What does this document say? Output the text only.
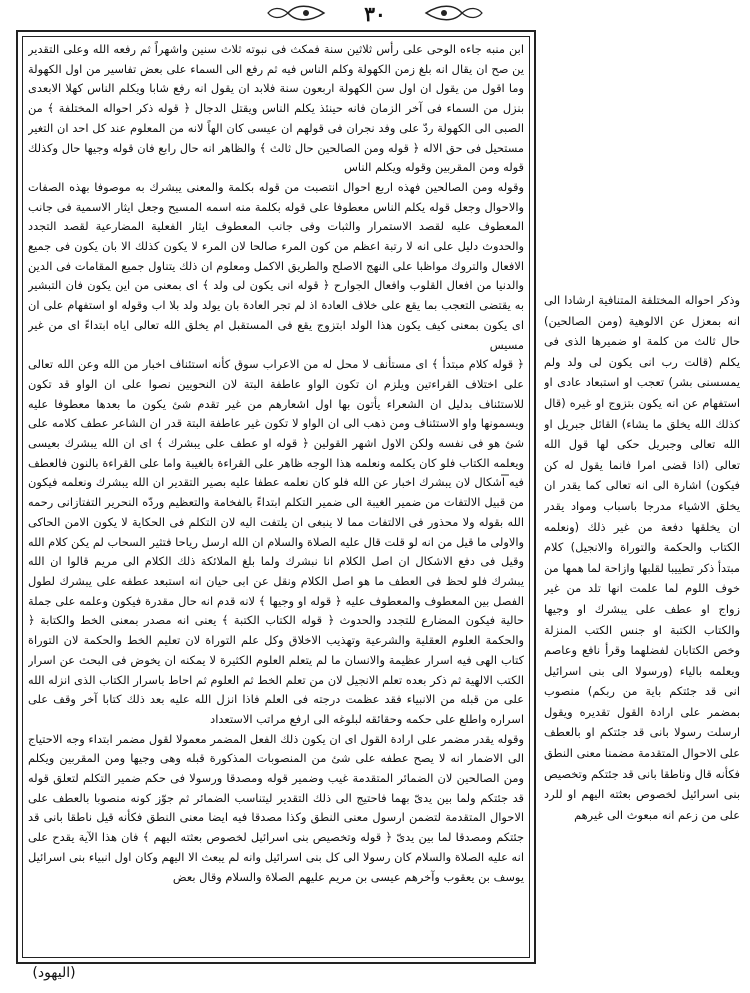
٣٠

ابن منبه جاءه الوحى على رأس ثلاثين سنة فمكث فى نبوته ثلاث سنين واشهراً ثم رفعه الله وعلى التقدير ين صح ان يقال انه بلغ زمن الكهولة وكلم الناس فيه ثم رفع الى السماء على بعض تفاسير من اول الكهولة وما اقول من يقول ان اول سن الكهولة اربعون سنة فلابد ان يقول انه رفع شابا ويكلم الناس كهلا الابعدى بنزل من السماء فى آخر الزمان فانه حينئذ يكلم الناس ويقتل الدجال ﴿ قوله ذكر احواله المختلفة ﴾ من الصبى الى الكهولة ردّ على وفد نجران فى قولهم ان عيسى كان الهاً لانه من المعلوم عند كل احد ان التغير مستحيل فى حق الاله ﴿ قوله ومن الصالحين حال ثالث ﴾ والظاهر انه حال رابع فان قوله وجيها حال وكذلك قوله ومن المقربين وقوله ويكلم الناس

وقوله ومن الصالحين فهذه اربع احوال انتصبت من قوله بكلمة والمعنى يبشرك به موصوفا بهذه الصفات والاحوال وجعل قوله يكلم الناس معطوفا على قوله بكلمة منه اسمه المسيح وجعل ايثار الاسمية فى جانب المعطوف عليه لقصد الاستمرار والثبات وفى جانب المعطوف ايثار الفعلية المضارعية لقصد التجدد والحدوث دليل على انه لا رتبة اعظم من كون المرء صالحا لان المرء لا يكون كذلك الا بان يكون فى جميع الافعال والتروك مواظبا على النهج الاصلح والطريق الاكمل ومعلوم ان ذلك يتناول جميع المقامات فى الدين والدنيا من افعال القلوب وافعال الجوارح ﴿ قوله انى يكون لى ولد ﴾ اى بمعنى من اين يكون فان التبشير به يقتضى التعجب بما يقع على خلاف العادة اذ لم تجر العادة بان يولد ولد بلا اب وقوله او استفهام على ان اى يكون بمعنى كيف يكون هذا الولد ابتزوج يقع فى المستقبل ام يخلق الله تعالى اياه ابتداءً اى من غير مسيس

﴿ قوله كلام مبتدأ ﴾ اى مستأنف لا محل له من الاعراب سوق كأنه استئناف اخبار من الله وعن الله تعالى على اختلاف القراءتين ويلزم ان تكون الواو عاطفة البتة لان النحويين نصوا على ان الواو قد تكون للاستئناف بدليل ان الشعراء يأتون بها اول اشعارهم من غير تقدم شئ يكون ما بعدها معطوفا عليه ويسمونها واو الاستئناف ومن ذهب الى ان الواو لا تكون غير عاطفة البتة قدر ان الشاعر عطف كلامه على شئ هو فى نفسه ولكن الاول اشهر القولين ﴿ قوله او عطف على يبشرك ﴾ اى ان الله يبشرك بعيسى ويعلمه الكتاب فلو كان يكلمه ونعلمه هذا الوجه ظاهر على القراءة بالغيبة واما على القراءة بالنون فالعطف فيه اشكال لان يبشرك اخبار عن الله فلو كان نعلمه عطفا عليه بصير التقدير ان الله يبشرك ونعلمه فيكون من قبيل الالتفات من ضمير الغيبة الى ضمير التكلم ابتداءً بالفخامة والتعظيم وردّه النحرير التفتازانى رحمه الله بقوله ولا محذور فى الالتفات مما لا ينبغى ان يلتفت اليه لان التكلم فى الحكاية لا يكون الامن الحاكى والاولى ما قيل من انه لو قلت قال عليه الصلاة والسلام ان الله ارسل رياحا فتثير السحاب لم يكن كلام الله وقيل فى دفع الاشكال ان اصل الكلام انا نبشرك ولما بلغ الملائكة ذلك الكلام الى مريم قالوا ان الله يبشرك فلو لحظ فى العطف ما هو اصل الكلام ونقل عن ابى حيان انه استبعد عطفه على يبشرك لطول الفصل بين المعطوف والمعطوف عليه ﴿ قوله او وجيها ﴾ لانه قدم انه حال مقدرة فيكون وعلمه على جملة حالية فيكون المضارع للتجدد والحدوث ﴿ قوله الكتاب الكتبة ﴾ يعنى انه مصدر بمعنى الخط والكتابة ﴿ والحكمة العلوم العقلية والشرعية وتهذيب الاخلاق وكل علم التوراة لان تعليم الخط والحكمة لان التوراة كتاب الهى فيه اسرار عظيمة والانسان ما لم يتعلم العلوم الكثيرة لا يمكنه ان يخوض فى البحث عن اسرار الكتب الالهية ثم ذكر بعده تعلم الانجيل لان من تعلم الخط ثم العلوم ثم احاط باسرار الكتاب الذى انزله الله على من قبله من الانبياء فقد عظمت درجته فى العلم فاذا انزل الله عليه بعد ذلك كتابا آخر وقف على اسراره واطلع على حكمه وحقائقه لبلوغه الى ارفع مراتب الاستعداد

وقوله يقدر مضمر على ارادة القول اى ان يكون ذلك الفعل المضمر معمولا لقول مضمر ابتداء وجه الاحتياج الى الاضمار انه لا يصح عطفه على شئ من المنصوبات المذكورة قبله وهى وجيها ومن المقربين ويكلم ومن الصالحين لان الضمائر المتقدمة غيب وضمير قوله ومصدقا ورسولا فى حكم ضمير التكلم لتعلق قوله قد جئتكم ولما بين يدىّ بهما فاحتيج الى ذلك التقدير ليتناسب الضمائر ثم جوّز كونه منصوبا بالعطف على الاحوال المتقدمة لتضمن ارسول معنى النطق وكذا مصدقا فيه ايضا معنى النطق فكأنه قيل ناطقا بانى قد جئتكم ومصدقا لما بين يدىّ ﴿ قوله وتخصيص بنى اسرائيل لخصوص بعثته اليهم ﴾ فان هذا الآية يقدح على انه عليه الصلاة والسلام كان رسولا الى كل بنى اسرائيل وانه لم يبعث الا اليهم وكان اول انبياء بنى اسرائيل يوسف بن يعقوب وآخرهم عيسى بن مريم عليهم الصلاة والسلام وقال بعض

وذكر احواله المختلفة المتنافية ارشادا الى انه بمعزل عن الالوهية (ومن الصالحين) حال ثالث من كلمة او ضميرها الذى فى يكلم (قالت رب انى يكون لى ولد ولم يمسسنى بشر) تعجب او استبعاد عادى او استفهام عن انه يكون بتزوج او غيره (قال كذلك الله يخلق ما يشاء) القائل جبريل او الله تعالى وجبريل حكى لها قول الله تعالى (اذا قضى امرا فانما يقول له كن فيكون) اشارة الى انه تعالى كما يقدر ان يخلق الاشياء مدرجا باسباب ومواد يقدر ان يخلقها دفعة من غير ذلك (ونعلمه الكتاب والحكمة والتوراة والانجيل) كلام مبتدأ ذكر تطييبا لقلبها وازاحة لما همها من خوف اللوم لما علمت انها تلد من غير زواج او عطف على يبشرك او وجيها والكتاب الكتبة او جنس الكتب المنزلة وخص الكتابان لفضلهما وقرأ نافع وعاصم ويعلمه بالياء (ورسولا الى بنى اسرائيل انى قد جئتكم باية من ربكم) منصوب بمضمر على ارادة القول تقديره ويقول ارسلت رسولا بانى قد جئتكم او بالعطف على الاحوال المتقدمة مضمنا معنى النطق فكأنه قال وناطقا بانى قد جئتكم وتخصيص بنى اسرائيل لخصوص بعثته اليهم او للرد على من زعم انه مبعوث الى غيرهم

(اليهود)
